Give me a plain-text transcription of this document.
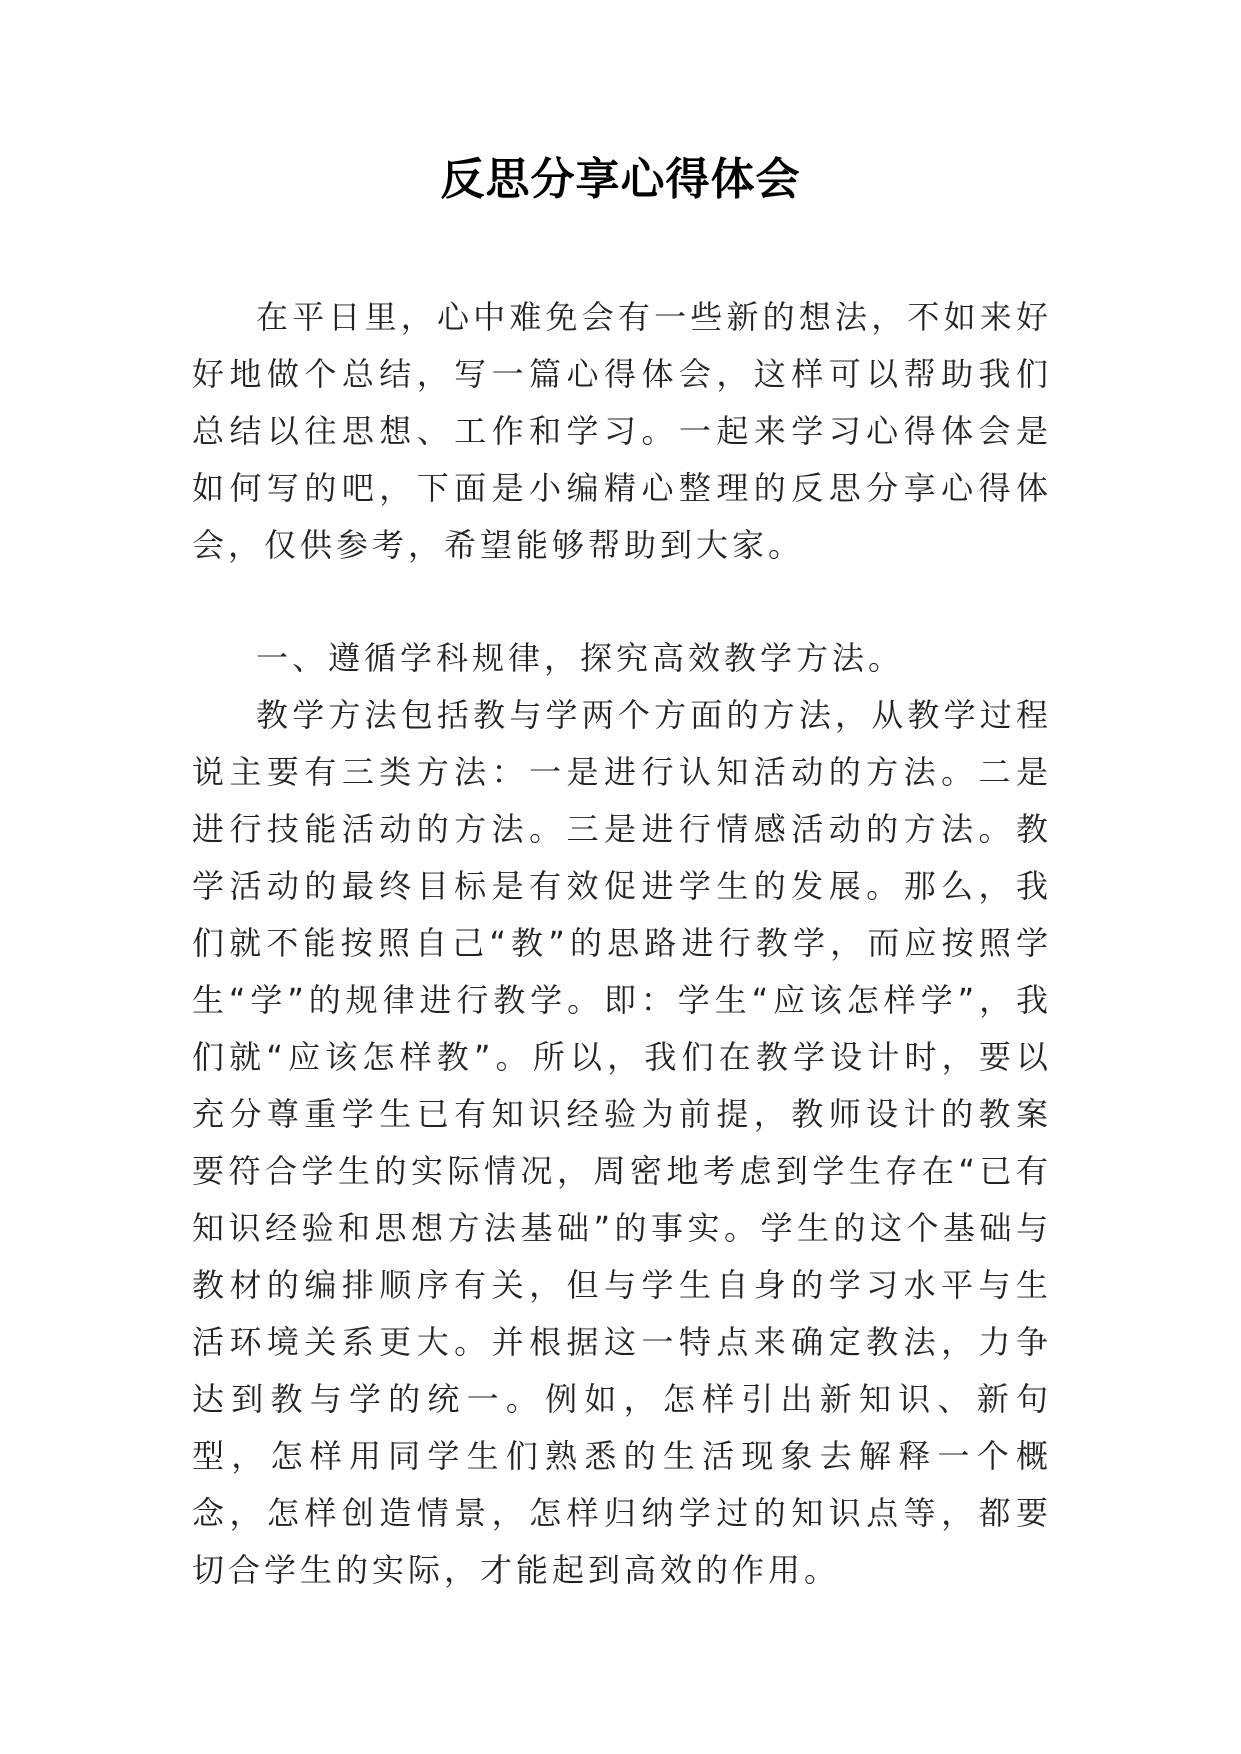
反思分享心得体会

在平日里，心中难免会有一些新的想法，不如来好好地做个总结，写一篇心得体会，这样可以帮助我们总结以往思想、工作和学习。一起来学习心得体会是如何写的吧，下面是小编精心整理的反思分享心得体会，仅供参考，希望能够帮助到大家。

一、遵循学科规律，探究高效教学方法。

教学方法包括教与学两个方面的方法，从教学过程说主要有三类方法：一是进行认知活动的方法。二是进行技能活动的方法。三是进行情感活动的方法。教学活动的最终目标是有效促进学生的发展。那么，我们就不能按照自己“教”的思路进行教学，而应按照学生“学”的规律进行教学。即：学生“应该怎样学”，我们就“应该怎样教”。所以，我们在教学设计时，要以充分尊重学生已有知识经验为前提，教师设计的教案要符合学生的实际情况，周密地考虑到学生存在“已有知识经验和思想方法基础”的事实。学生的这个基础与教材的编排顺序有关，但与学生自身的学习水平与生活环境关系更大。并根据这一特点来确定教法，力争达到教与学的统一。例如，怎样引出新知识、新句型，怎样用同学生们熟悉的生活现象去解释一个概念，怎样创造情景，怎样归纳学过的知识点等，都要切合学生的实际，才能起到高效的作用。
